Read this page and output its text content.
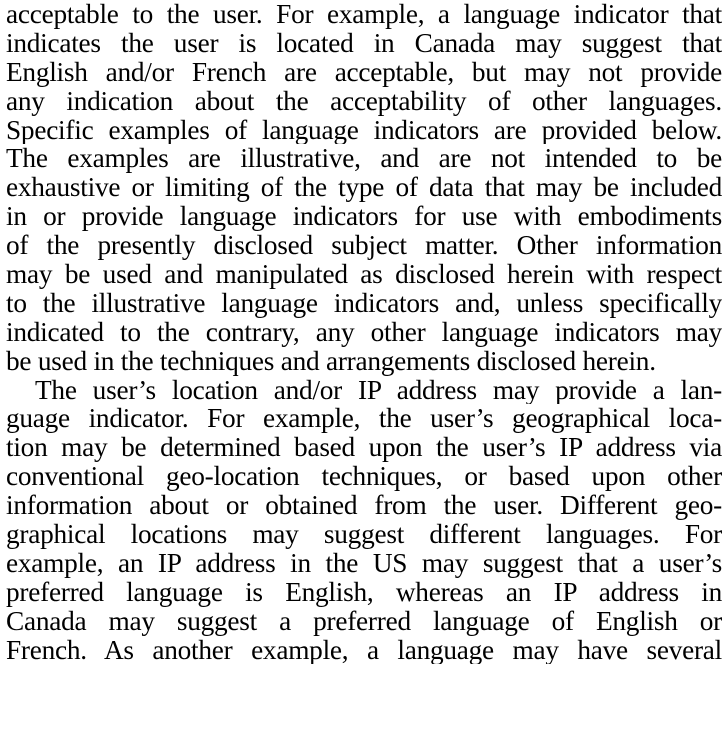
acceptable to the user. For example, a language indicator that
indicates the user is located in Canada may suggest that
English and/or French are acceptable, but may not provide
any indication about the acceptability of other languages.
Specific examples of language indicators are provided below.
The examples are illustrative, and are not intended to be
exhaustive or limiting of the type of data that may be included
in or provide language indicators for use with embodiments
of the presently disclosed subject matter. Other information
may be used and manipulated as disclosed herein with respect
to the illustrative language indicators and, unless specifically
indicated to the contrary, any other language indicators may
be used in the techniques and arrangements disclosed herein.
The user’s location and/or IP address may provide a lan-
guage indicator. For example, the user’s geographical loca-
tion may be determined based upon the user’s IP address via
conventional geo-location techniques, or based upon other
information about or obtained from the user. Different geo-
graphical locations may suggest different languages. For
example, an IP address in the US may suggest that a user’s
preferred language is English, whereas an IP address in
Canada may suggest a preferred language of English or
French. As another example, a language may have several
